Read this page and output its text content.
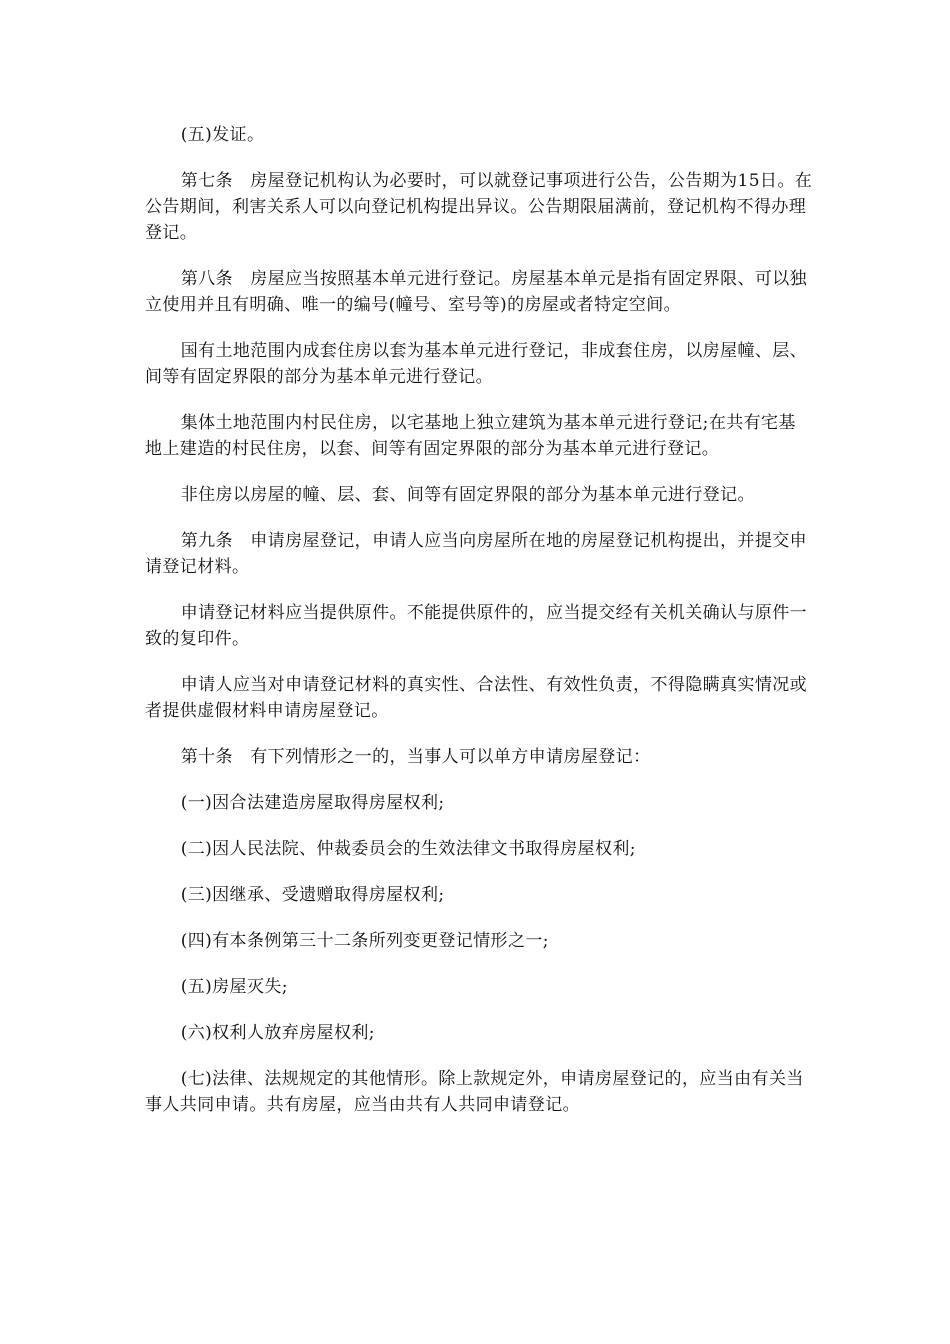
(五)发证。

第七条　房屋登记机构认为必要时，可以就登记事项进行公告，公告期为15日。在公告期间，利害关系人可以向登记机构提出异议。公告期限届满前，登记机构不得办理登记。

第八条　房屋应当按照基本单元进行登记。房屋基本单元是指有固定界限、可以独立使用并且有明确、唯一的编号(幢号、室号等)的房屋或者特定空间。

国有土地范围内成套住房以套为基本单元进行登记，非成套住房，以房屋幢、层、间等有固定界限的部分为基本单元进行登记。

集体土地范围内村民住房，以宅基地上独立建筑为基本单元进行登记;在共有宅基地上建造的村民住房，以套、间等有固定界限的部分为基本单元进行登记。

非住房以房屋的幢、层、套、间等有固定界限的部分为基本单元进行登记。

第九条　申请房屋登记，申请人应当向房屋所在地的房屋登记机构提出，并提交申请登记材料。

申请登记材料应当提供原件。不能提供原件的，应当提交经有关机关确认与原件一致的复印件。

申请人应当对申请登记材料的真实性、合法性、有效性负责，不得隐瞒真实情况或者提供虚假材料申请房屋登记。

第十条　有下列情形之一的，当事人可以单方申请房屋登记：

(一)因合法建造房屋取得房屋权利;

(二)因人民法院、仲裁委员会的生效法律文书取得房屋权利;

(三)因继承、受遗赠取得房屋权利;

(四)有本条例第三十二条所列变更登记情形之一;

(五)房屋灭失;

(六)权利人放弃房屋权利;

(七)法律、法规规定的其他情形。除上款规定外，申请房屋登记的，应当由有关当事人共同申请。共有房屋，应当由共有人共同申请登记。
